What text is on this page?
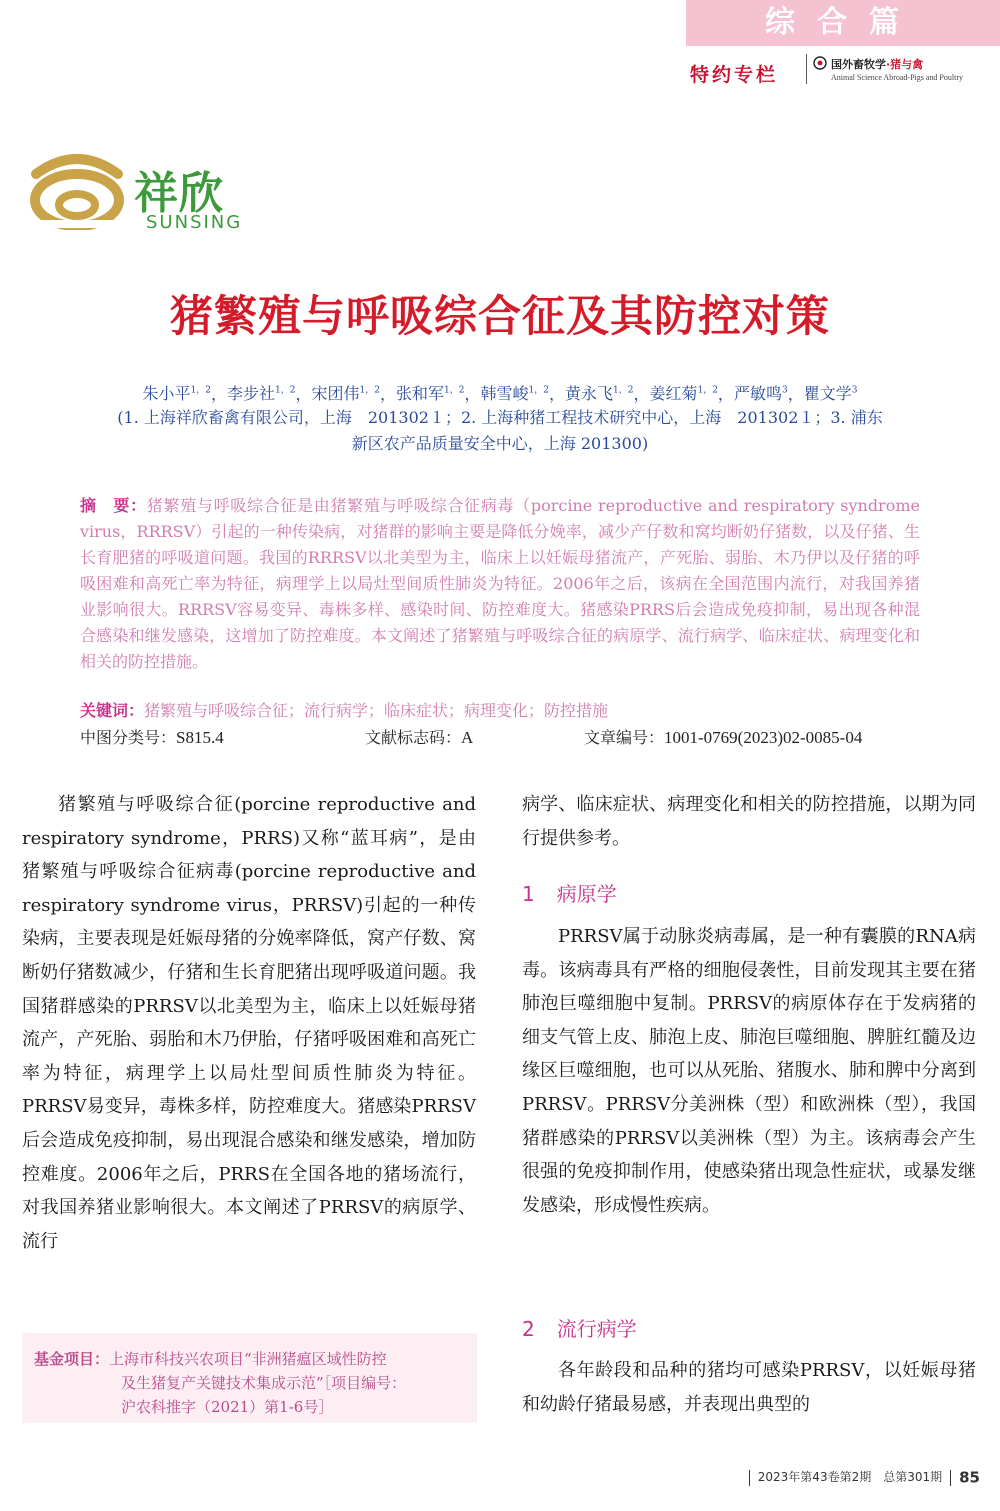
综合篇
特约专栏	国外畜牧学·猪与禽
Animal Science Abroad-Pigs and Poultry
祥欣
SUNSING
猪繁殖与呼吸综合征及其防控对策
朱小平$^{1,2}$，李步社$^{1,2}$，宋团伟$^{1,2}$，张和军$^{1,2}$，韩雪峻$^{1,2}$，黄永飞$^{1,2}$，姜红菊$^{1,2}$，严敏鸣$^3$，瞿文学$^3$
(1. 上海祥欣畜禽有限公司，上海　201302１；2. 上海种猪工程技术研究中心，上海　201302１；3. 浦东
新区农产品质量安全中心，上海 201300)
摘　要：猪繁殖与呼吸综合征是由猪繁殖与呼吸综合征病毒（porcine reproductive and respiratory syndrome virus，RRRSV）引起的一种传染病，对猪群的影响主要是降低分娩率，减少产仔数和窝均断奶仔猪数，以及仔猪、生长育肥猪的呼吸道问题。我国的RRRSV以北美型为主，临床上以妊娠母猪流产，产死胎、弱胎、木乃伊以及仔猪的呼吸困难和高死亡率为特征，病理学上以局灶型间质性肺炎为特征。2006年之后，该病在全国范围内流行，对我国养猪业影响很大。RRRSV容易变异、毒株多样、感染时间、防控难度大。猪感染PRRS后会造成免疫抑制，易出现各种混合感染和继发感染，这增加了防控难度。本文阐述了猪繁殖与呼吸综合征的病原学、流行病学、临床症状、病理变化和相关的防控措施。
关键词：猪繁殖与呼吸综合征；流行病学；临床症状；病理变化；防控措施
中图分类号：S815.4	文献标志码：A	文章编号：1001-0769(2023)02-0085-04

猪繁殖与呼吸综合征(porcine reproductive and respiratory syndrome，PRRS)又称“蓝耳病”，是由猪繁殖与呼吸综合征病毒(porcine reproductive and respiratory syndrome virus，PRRSV)引起的一种传染病，主要表现是妊娠母猪的分娩率降低，窝产仔数、窝断奶仔猪数减少，仔猪和生长育肥猪出现呼吸道问题。我国猪群感染的PRRSV以北美型为主，临床上以妊娠母猪流产，产死胎、弱胎和木乃伊胎，仔猪呼吸困难和高死亡率为特征，病理学上以局灶型间质性肺炎为特征。PRRSV易变异，毒株多样，防控难度大。猪感染PRRSV后会造成免疫抑制，易出现混合感染和继发感染，增加防控难度。2006年之后，PRRS在全国各地的猪场流行，对我国养猪业影响很大。本文阐述了PRRSV的病原学、流行

基金项目：上海市科技兴农项目“非洲猪瘟区域性防控
及生猪复产关键技术集成示范”［项目编号：
沪农科推字（2021）第1-6号］

病学、临床症状、病理变化和相关的防控措施，以期为同行提供参考。

1 病原学

PRRSV属于动脉炎病毒属，是一种有囊膜的RNA病毒。该病毒具有严格的细胞侵袭性，目前发现其主要在猪肺泡巨噬细胞中复制。PRRSV的病原体存在于发病猪的细支气管上皮、肺泡上皮、肺泡巨噬细胞、脾脏红髓及边缘区巨噬细胞，也可以从死胎、猪腹水、肺和脾中分离到PRRSV。PRRSV分美洲株（型）和欧洲株（型），我国猪群感染的PRRSV以美洲株（型）为主。该病毒会产生很强的免疫抑制作用，使感染猪出现急性症状，或暴发继发感染，形成慢性疾病。

2 流行病学

各年龄段和品种的猪均可感染PRRSV，以妊娠母猪和幼龄仔猪最易感，并表现出典型的

2023年第43卷第2期　总第301期 85
